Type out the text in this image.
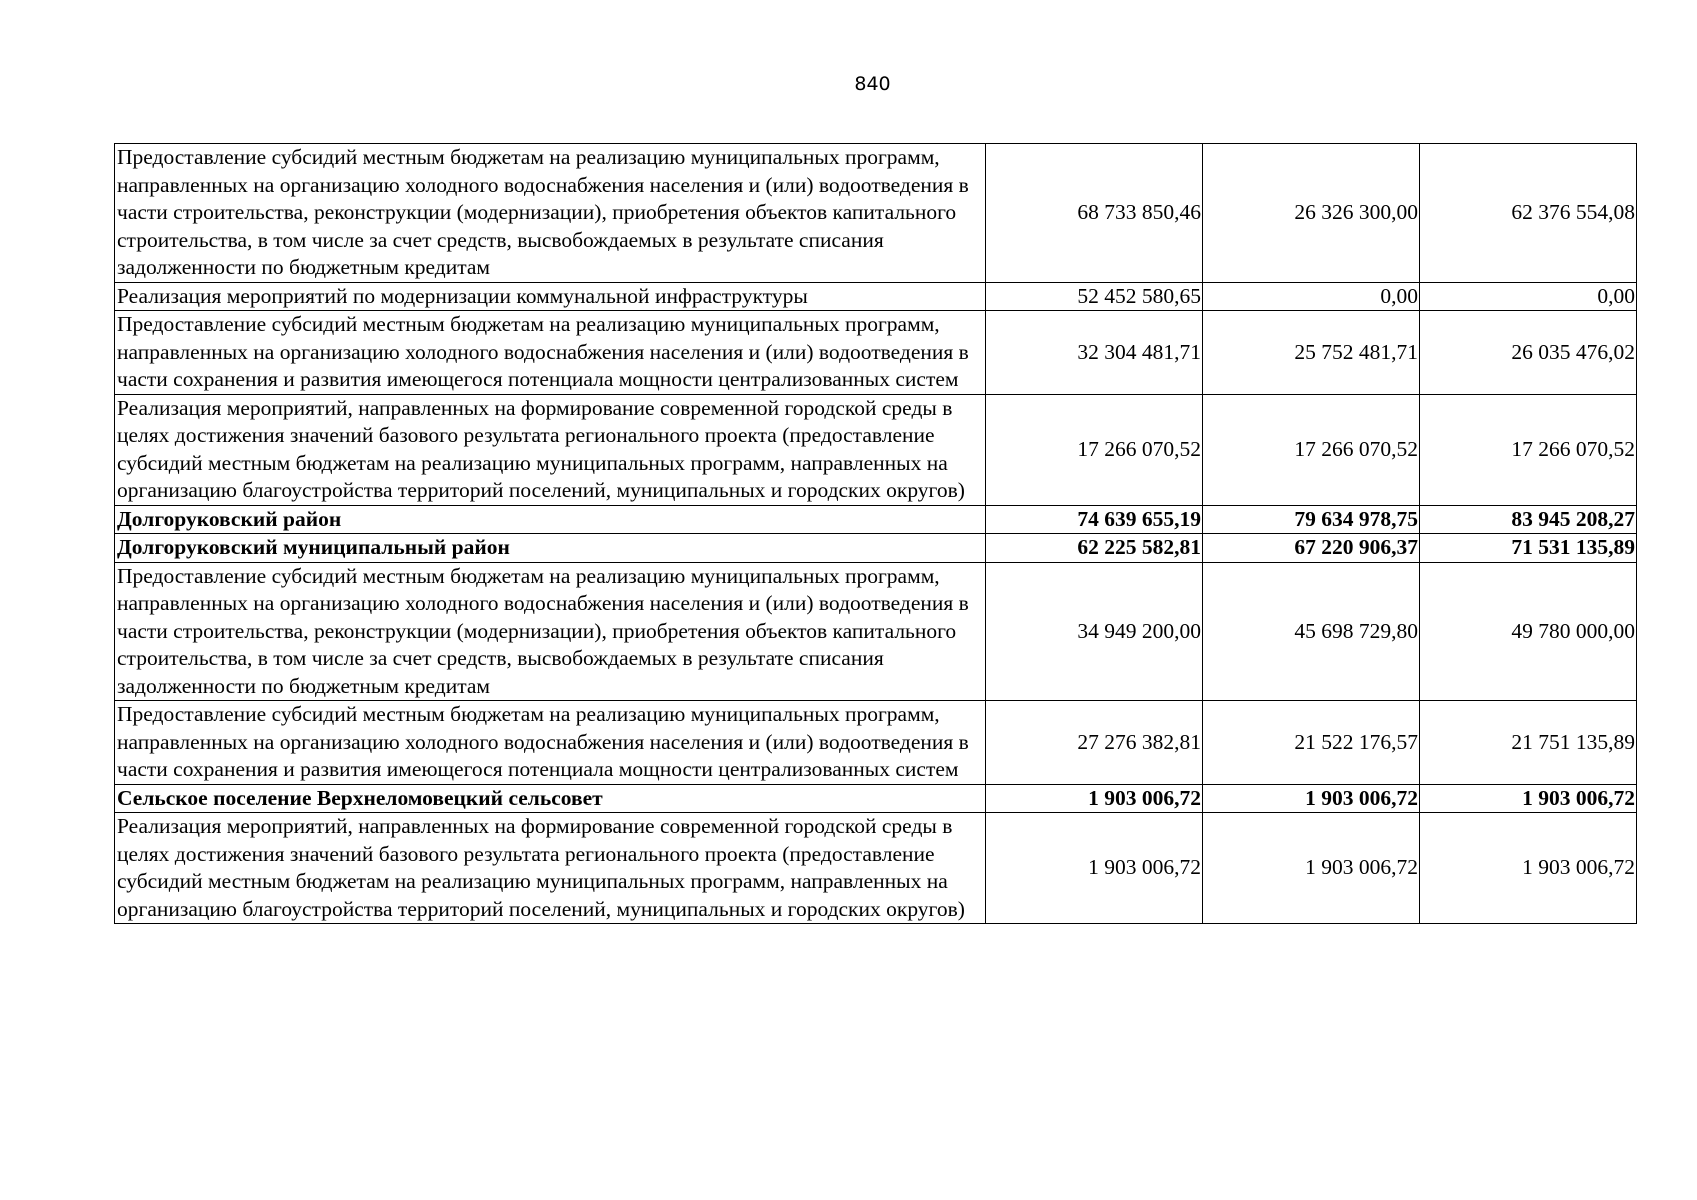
840
Предоставление субсидий местным бюджетам на реализацию муниципальных программ, направленных на организацию холодного водоснабжения населения и (или) водоотведения в части строительства, реконструкции (модернизации), приобретения объектов капитального строительства, в том числе за счет средств, высвобождаемых в результате списания задолженности по бюджетным кредитам	68 733 850,46	26 326 300,00	62 376 554,08
Реализация мероприятий по модернизации коммунальной инфраструктуры	52 452 580,65	0,00	0,00
Предоставление субсидий местным бюджетам на реализацию муниципальных программ, направленных на организацию холодного водоснабжения населения и (или) водоотведения в части сохранения и развития имеющегося потенциала мощности централизованных систем	32 304 481,71	25 752 481,71	26 035 476,02
Реализация мероприятий, направленных на формирование современной городской среды в целях достижения значений базового результата регионального проекта (предоставление субсидий местным бюджетам на реализацию муниципальных программ, направленных на организацию благоустройства территорий поселений, муниципальных и городских округов)	17 266 070,52	17 266 070,52	17 266 070,52
Долгоруковский район	74 639 655,19	79 634 978,75	83 945 208,27
Долгоруковский муниципальный район	62 225 582,81	67 220 906,37	71 531 135,89
Предоставление субсидий местным бюджетам на реализацию муниципальных программ, направленных на организацию холодного водоснабжения населения и (или) водоотведения в части строительства, реконструкции (модернизации), приобретения объектов капитального строительства, в том числе за счет средств, высвобождаемых в результате списания задолженности по бюджетным кредитам	34 949 200,00	45 698 729,80	49 780 000,00
Предоставление субсидий местным бюджетам на реализацию муниципальных программ, направленных на организацию холодного водоснабжения населения и (или) водоотведения в части сохранения и развития имеющегося потенциала мощности централизованных систем	27 276 382,81	21 522 176,57	21 751 135,89
Сельское поселение Верхнеломовецкий сельсовет	1 903 006,72	1 903 006,72	1 903 006,72
Реализация мероприятий, направленных на формирование современной городской среды в целях достижения значений базового результата регионального проекта (предоставление субсидий местным бюджетам на реализацию муниципальных программ, направленных на организацию благоустройства территорий поселений, муниципальных и городских округов)	1 903 006,72	1 903 006,72	1 903 006,72
